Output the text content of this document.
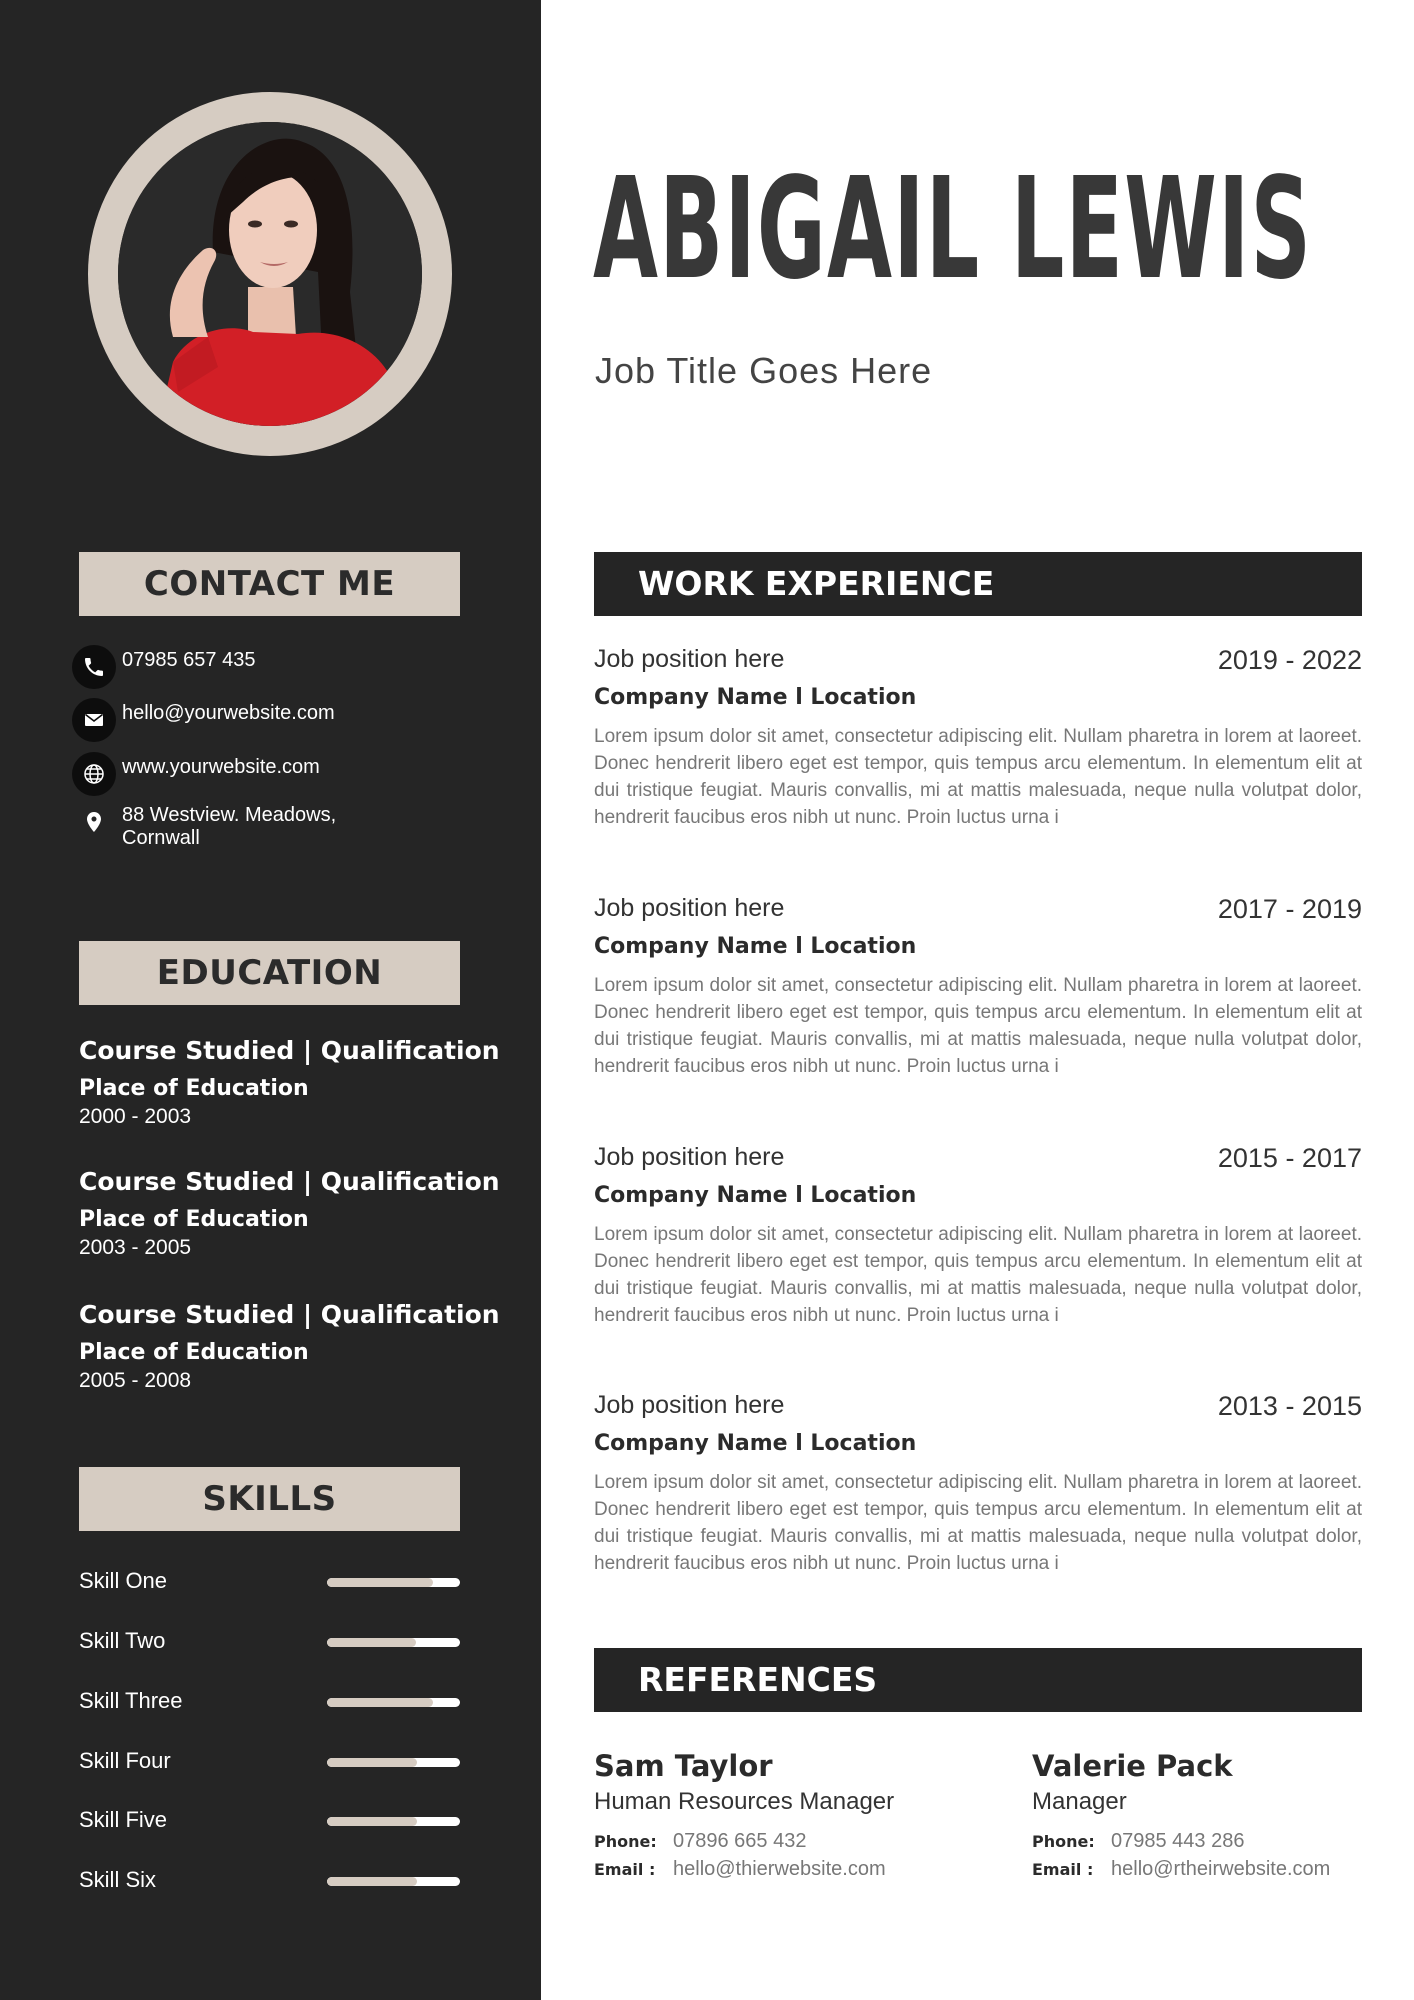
CONTACT ME
07985 657 435
hello@yourwebsite.com
www.yourwebsite.com
88 Westview. Meadows,
Cornwall
EDUCATION
Course Studied | Qualification
Place of Education
2000 - 2003
Course Studied | Qualification
Place of Education
2003 - 2005
Course Studied | Qualification
Place of Education
2005 - 2008
SKILLS
Skill One
Skill Two
Skill Three
Skill Four
Skill Five
Skill Six
ABIGAIL LEWIS
Job Title Goes Here
WORK EXPERIENCE
Job position here	2019 - 2022
Company Name l Location

Lorem ipsum dolor sit amet, consectetur adipiscing elit. Nullam pharetra in lorem at laoreet. Donec hendrerit libero eget est tempor, quis tempus arcu elementum. In elementum elit at dui tristique feugiat. Mauris convallis, mi at mattis malesuada, neque nulla volutpat dolor, hendrerit faucibus eros nibh ut nunc. Proin luctus urna i

Job position here	2017 - 2019
Company Name l Location

Lorem ipsum dolor sit amet, consectetur adipiscing elit. Nullam pharetra in lorem at laoreet. Donec hendrerit libero eget est tempor, quis tempus arcu elementum. In elementum elit at dui tristique feugiat. Mauris convallis, mi at mattis malesuada, neque nulla volutpat dolor, hendrerit faucibus eros nibh ut nunc. Proin luctus urna i

Job position here	2015 - 2017
Company Name l Location

Lorem ipsum dolor sit amet, consectetur adipiscing elit. Nullam pharetra in lorem at laoreet. Donec hendrerit libero eget est tempor, quis tempus arcu elementum. In elementum elit at dui tristique feugiat. Mauris convallis, mi at mattis malesuada, neque nulla volutpat dolor, hendrerit faucibus eros nibh ut nunc. Proin luctus urna i

Job position here	2013 - 2015
Company Name l Location

Lorem ipsum dolor sit amet, consectetur adipiscing elit. Nullam pharetra in lorem at laoreet. Donec hendrerit libero eget est tempor, quis tempus arcu elementum. In elementum elit at dui tristique feugiat. Mauris convallis, mi at mattis malesuada, neque nulla volutpat dolor, hendrerit faucibus eros nibh ut nunc. Proin luctus urna i

REFERENCES
Sam Taylor
Human Resources Manager
Phone: 07896 665 432
Email : hello@thierwebsite.com
Valerie Pack
Manager
Phone: 07985 443 286
Email : hello@rtheirwebsite.com
